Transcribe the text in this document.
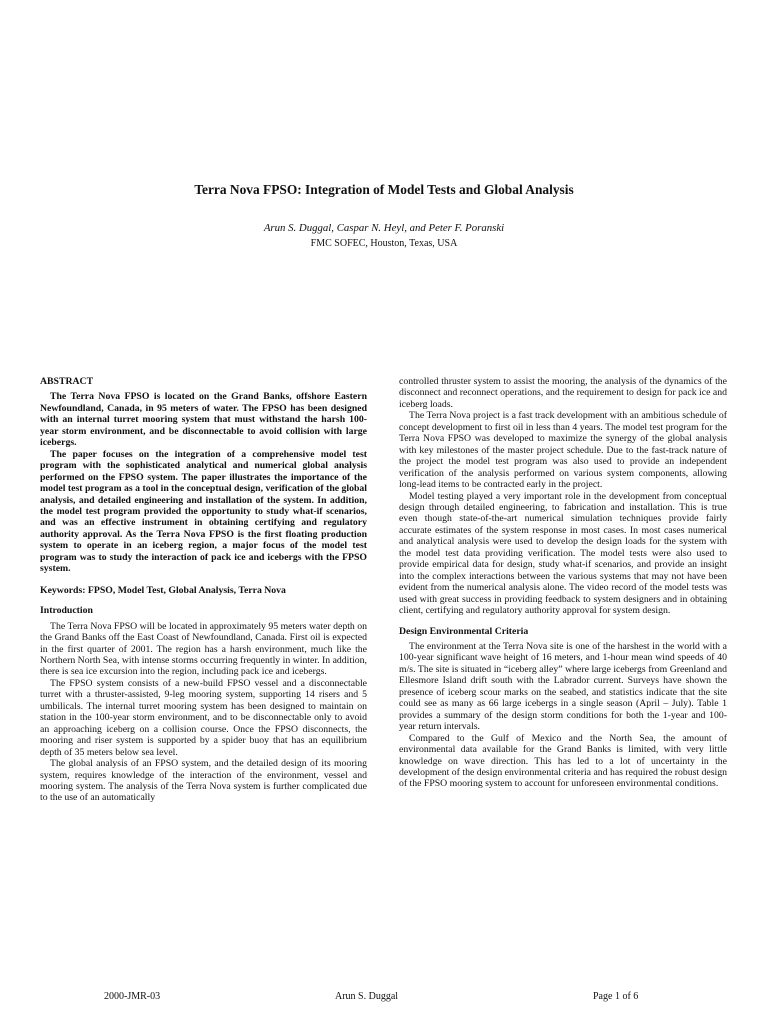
Terra Nova FPSO: Integration of Model Tests and Global Analysis
Arun S. Duggal, Caspar N. Heyl, and Peter F. Poranski
FMC SOFEC, Houston, Texas, USA
ABSTRACT

The Terra Nova FPSO is located on the Grand Banks, offshore Eastern Newfoundland, Canada, in 95 meters of water. The FPSO has been designed with an internal turret mooring system that must withstand the harsh 100-year storm environment, and be disconnectable to avoid collision with large icebergs.

The paper focuses on the integration of a comprehensive model test program with the sophisticated analytical and numerical global analysis performed on the FPSO system. The paper illustrates the importance of the model test program as a tool in the conceptual design, verification of the global analysis, and detailed engineering and installation of the system. In addition, the model test program provided the opportunity to study what-if scenarios, and was an effective instrument in obtaining certifying and regulatory authority approval. As the Terra Nova FPSO is the first floating production system to operate in an iceberg region, a major focus of the model test program was to study the interaction of pack ice and icebergs with the FPSO system.

Keywords: FPSO, Model Test, Global Analysis, Terra Nova

Introduction

The Terra Nova FPSO will be located in approximately 95 meters water depth on the Grand Banks off the East Coast of Newfoundland, Canada. First oil is expected in the first quarter of 2001. The region has a harsh environment, much like the Northern North Sea, with intense storms occurring frequently in winter. In addition, there is sea ice excursion into the region, including pack ice and icebergs.

The FPSO system consists of a new-build FPSO vessel and a disconnectable turret with a thruster-assisted, 9-leg mooring system, supporting 14 risers and 5 umbilicals. The internal turret mooring system has been designed to maintain on station in the 100-year storm environment, and to be disconnectable only to avoid an approaching iceberg on a collision course. Once the FPSO disconnects, the mooring and riser system is supported by a spider buoy that has an equilibrium depth of 35 meters below sea level.

The global analysis of an FPSO system, and the detailed design of its mooring system, requires knowledge of the interaction of the environment, vessel and mooring system. The analysis of the Terra Nova system is further complicated due to the use of an automatically

controlled thruster system to assist the mooring, the analysis of the dynamics of the disconnect and reconnect operations, and the requirement to design for pack ice and iceberg loads.

The Terra Nova project is a fast track development with an ambitious schedule of concept development to first oil in less than 4 years. The model test program for the Terra Nova FPSO was developed to maximize the synergy of the global analysis with key milestones of the master project schedule. Due to the fast-track nature of the project the model test program was also used to provide an independent verification of the analysis performed on various system components, allowing long-lead items to be contracted early in the project.

Model testing played a very important role in the development from conceptual design through detailed engineering, to fabrication and installation. This is true even though state-of-the-art numerical simulation techniques provide fairly accurate estimates of the system response in most cases. In most cases numerical and analytical analysis were used to develop the design loads for the system with the model test data providing verification. The model tests were also used to provide empirical data for design, study what-if scenarios, and provide an insight into the complex interactions between the various systems that may not have been evident from the numerical analysis alone. The video record of the model tests was used with great success in providing feedback to system designers and in obtaining client, certifying and regulatory authority approval for system design.

Design Environmental Criteria

The environment at the Terra Nova site is one of the harshest in the world with a 100-year significant wave height of 16 meters, and 1-hour mean wind speeds of 40 m/s. The site is situated in “iceberg alley” where large icebergs from Greenland and Ellesmore Island drift south with the Labrador current. Surveys have shown the presence of iceberg scour marks on the seabed, and statistics indicate that the site could see as many as 66 large icebergs in a single season (April – July). Table 1 provides a summary of the design storm conditions for both the 1-year and 100-year return intervals.

Compared to the Gulf of Mexico and the North Sea, the amount of environmental data available for the Grand Banks is limited, with very little knowledge on wave direction. This has led to a lot of uncertainty in the development of the design environmental criteria and has required the robust design of the FPSO mooring system to account for unforeseen environmental conditions.

2000-JMR-03	Arun S. Duggal	Page 1 of 6
